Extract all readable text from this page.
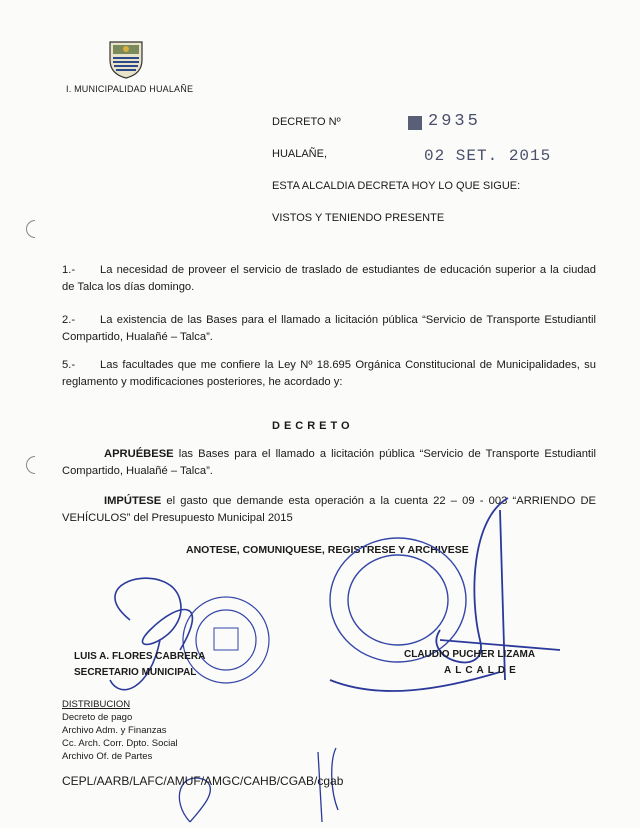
I. MUNICIPALIDAD HUALAÑE
DECRETO Nº	2935
HUALAÑE,	02 SET. 2015
ESTA ALCALDIA DECRETA HOY LO QUE SIGUE:
VISTOS Y TENIENDO PRESENTE
1.- La necesidad de proveer el servicio de traslado de estudiantes de educación superior a la ciudad de Talca los días domingo.
2.- La existencia de las Bases para el llamado a licitación pública “Servicio de Transporte Estudiantil Compartido, Hualañé – Talca”.
5.- Las facultades que me confiere la Ley Nº 18.695 Orgánica Constitucional de Municipalidades, su reglamento y modificaciones posteriores, he acordado y:
DECRETO
APRUÉBESE las Bases para el llamado a licitación pública “Servicio de Transporte Estudiantil Compartido, Hualañé – Talca”.
IMPÚTESE el gasto que demande esta operación a la cuenta 22 – 09 - 003 “ARRIENDO DE VEHÍCULOS” del Presupuesto Municipal 2015
ANOTESE, COMUNIQUESE, REGISTRESE Y ARCHIVESE
LUIS A. FLORES CABRERA
SECRETARIO MUNICIPAL
CLAUDIO PUCHER LIZAMA
ALCALDE
DISTRIBUCION
Decreto de pago
Archivo Adm. y Finanzas
Cc. Arch. Corr. Dpto. Social
Archivo Of. de Partes
CEPL/AARB/LAFC/AMUF/AMGC/CAHB/CGAB/cgab
